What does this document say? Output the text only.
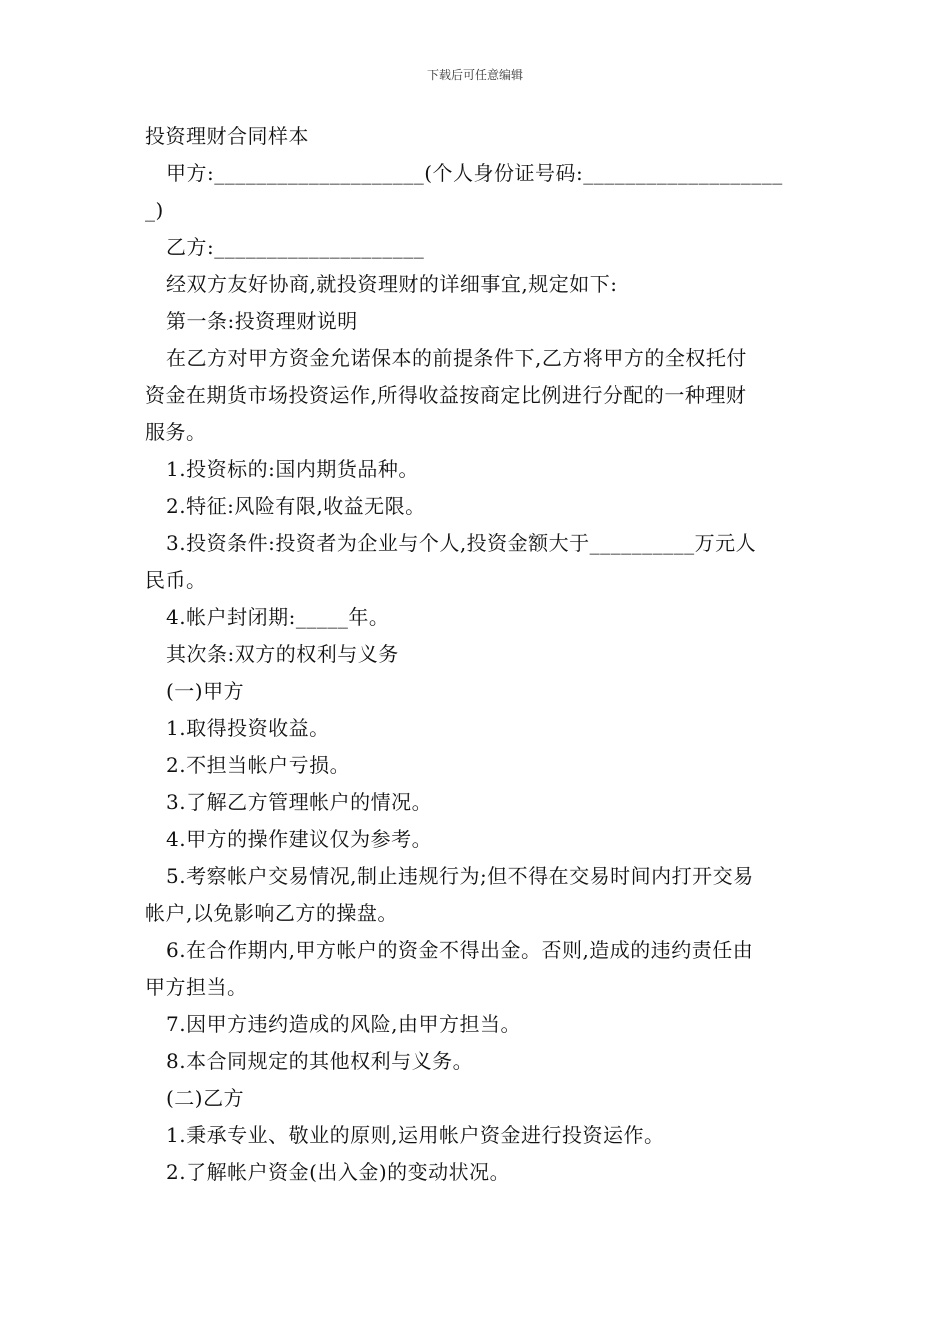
下载后可任意编辑
投资理财合同样本
甲方:____________________(个人身份证号码:___________________
_)
乙方:____________________
经双方友好协商,就投资理财的详细事宜,规定如下:
第一条:投资理财说明
在乙方对甲方资金允诺保本的前提条件下,乙方将甲方的全权托付
资金在期货市场投资运作,所得收益按商定比例进行分配的一种理财
服务。
1.投资标的:国内期货品种。
2.特征:风险有限,收益无限。
3.投资条件:投资者为企业与个人,投资金额大于__________万元人
民币。
4.帐户封闭期:_____年。
其次条:双方的权利与义务
(一)甲方
1.取得投资收益。
2.不担当帐户亏损。
3.了解乙方管理帐户的情况。
4.甲方的操作建议仅为参考。
5.考察帐户交易情况,制止违规行为;但不得在交易时间内打开交易
帐户,以免影响乙方的操盘。
6.在合作期内,甲方帐户的资金不得出金。否则,造成的违约责任由
甲方担当。
7.因甲方违约造成的风险,由甲方担当。
8.本合同规定的其他权利与义务。
(二)乙方
1.秉承专业、敬业的原则,运用帐户资金进行投资运作。
2.了解帐户资金(出入金)的变动状况。
